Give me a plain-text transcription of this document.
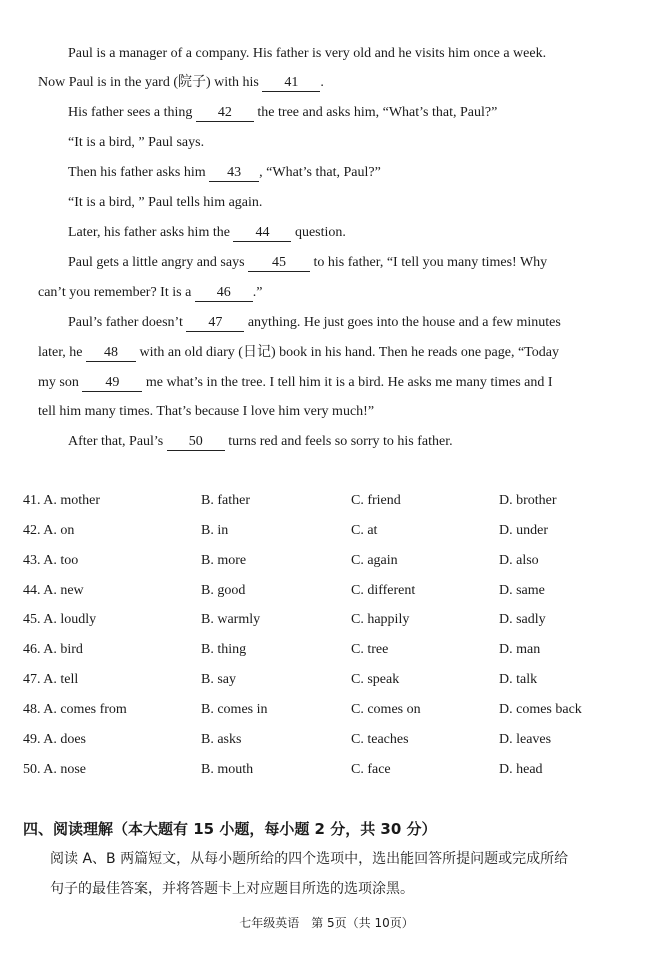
Paul is a manager of a company. His father is very old and he visits him once a week.
Now Paul is in the yard (院子) with his 41 .
His father sees a thing 42 the tree and asks him, “What’s that, Paul?”
“It is a bird, ” Paul says.
Then his father asks him 43 , “What’s that, Paul?”
“It is a bird, ” Paul tells him again.
Later, his father asks him the 44 question.
Paul gets a little angry and says 45 to his father, “I tell you many times! Why
can’t you remember? It is a 46 .”
Paul’s father doesn’t 47 anything. He just goes into the house and a few minutes
later, he 48 with an old diary (日记) book in his hand. Then he reads one page, “Today
my son 49 me what’s in the tree. I tell him it is a bird. He asks me many times and I
tell him many times. That’s because I love him very much!”
After that, Paul’s 50 turns red and feels so sorry to his father.
41. A. mother	B. father	C. friend	D. brother
42. A. on	B. in	C. at	D. under
43. A. too	B. more	C. again	D. also
44. A. new	B. good	C. different	D. same
45. A. loudly	B. warmly	C. happily	D. sadly
46. A. bird	B. thing	C. tree	D. man
47. A. tell	B. say	C. speak	D. talk
48. A. comes from	B. comes in	C. comes on	D. comes back
49. A. does	B. asks	C. teaches	D. leaves
50. A. nose	B. mouth	C. face	D. head
四、阅读理解（本大题有 15 小题，每小题 2 分，共 30 分）
阅读 A、B 两篇短文，从每小题所给的四个选项中，选出能回答所提问题或完成所给
句子的最佳答案，并将答题卡上对应题目所选的选项涂黑。
七年级英语　第 5页（共 10页）
